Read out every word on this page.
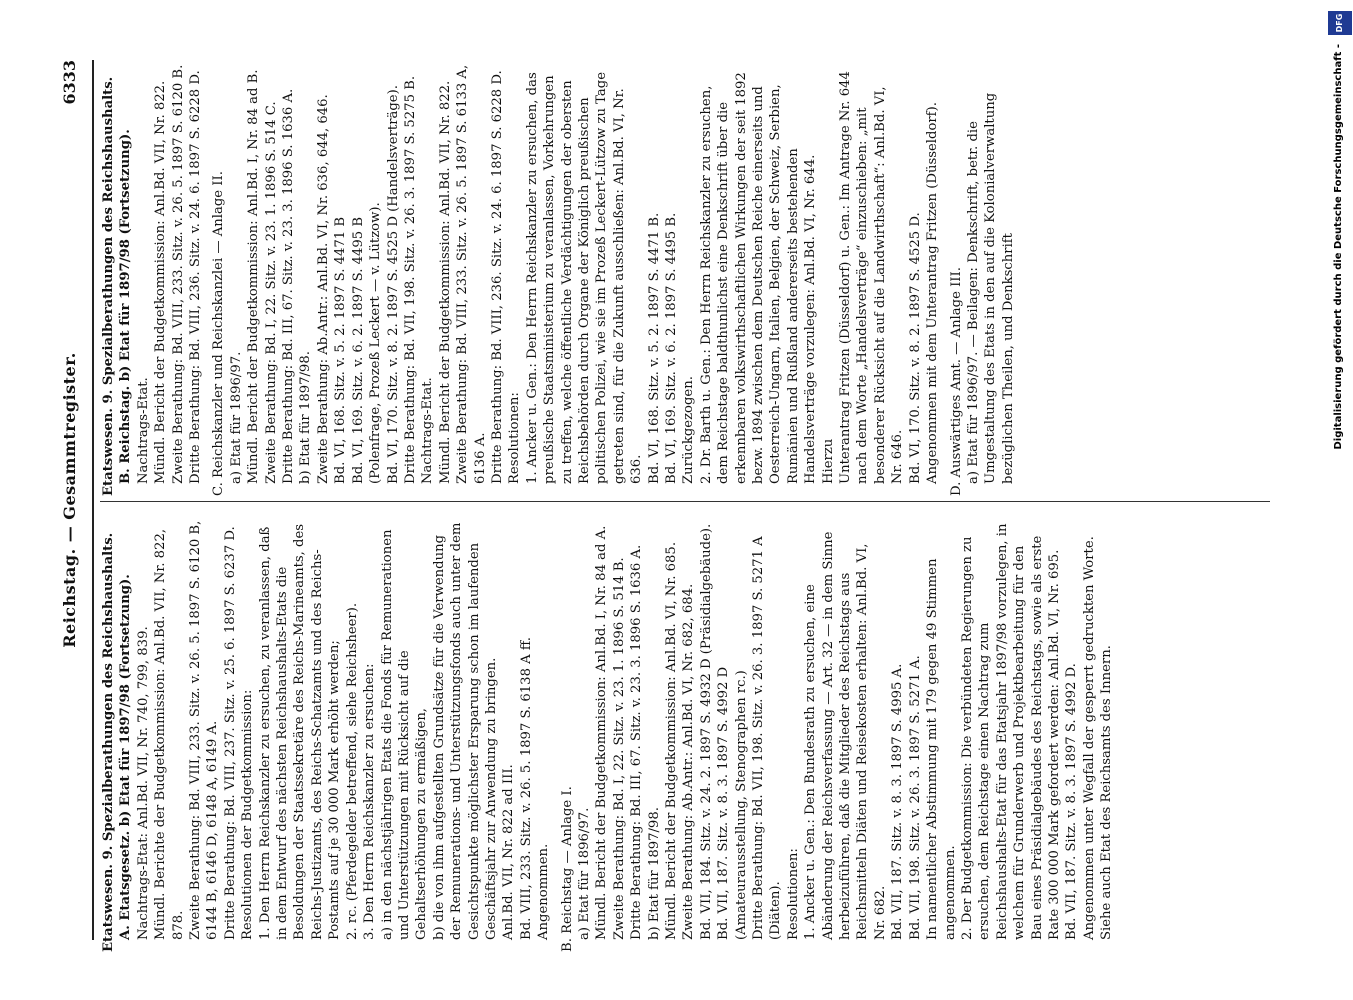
Reichstag. — Gesammtregister.
6333

Etatswesen. 9. Spezialberathungen des Reichshaushalts. A. Etatsgesetz. b) Etat für 1897/98 (Fortsetzung). Nachtrags-Etat: Anl.Bd. VII, Nr. 740, 799, 839. Mündl. Berichte der Budgetkommission: Anl.Bd. VII, Nr. 822, 878. Zweite Berathung: Bd. VIII, 233. Sitz. v. 26. 5. 1897 S. 6120 B, 6144 B, 6146 D, 6148 A, 6149 A. Dritte Berathung: Bd. VIII, 237. Sitz. v. 25. 6. 1897 S. 6237 D. Resolutionen der Budgetkommission: 1. Den Herrn Reichskanzler zu ersuchen, zu veranlassen, daß in dem Entwurf des nächsten Reichshaushalts-Etats die Besoldungen der Staatssekretäre des Reichs-Marineamts, des Reichs-Justizamts, des Reichs-Schatzamts und des Reichs-Postamts auf je 30 000 Mark erhöht werden; 2. rc. (Pferdegelder betreffend, siehe Reichsheer). 3. Den Herrn Reichskanzler zu ersuchen: a) in den nächstjährigen Etats die Fonds für Remunerationen und Unterstützungen mit Rücksicht auf die Gehaltserhöhungen zu ermäßigen, b) die von ihm aufgestellten Grundsätze für die Verwendung der Remunerations- und Unterstützungsfonds auch unter dem Gesichtspunkte möglichster Ersparung schon im laufenden Geschäftsjahr zur Anwendung zu bringen. Anl.Bd. VII, Nr. 822 ad III. Bd. VIII, 233. Sitz. v. 26. 5. 1897 S. 6138 A ff. Angenommen. B. Reichstag — Anlage I. a) Etat für 1896/97. Mündl. Bericht der Budgetkommission: Anl.Bd. I, Nr. 84 ad A. Zweite Berathung: Bd. I, 22. Sitz. v. 23. 1. 1896 S. 514 B. Dritte Berathung: Bd. III, 67. Sitz. v. 23. 3. 1896 S. 1636 A. b) Etat für 1897/98. Mündl. Bericht der Budgetkommission: Anl.Bd. VI, Nr. 685. Zweite Berathung: Ab.Antr.: Anl.Bd. VI, Nr. 682, 684. Bd. VII, 184. Sitz. v. 24. 2. 1897 S. 4932 D (Präsidialgebäude). Bd. VII, 187. Sitz. v. 8. 3. 1897 S. 4992 D (Amateurausstellung, Stenographen rc.) Dritte Berathung: Bd. VII, 198. Sitz. v. 26. 3. 1897 S. 5271 A (Diäten). Resolutionen: 1. Ancker u. Gen.: Den Bundesrath zu ersuchen, eine Abänderung der Reichsverfassung — Art. 32 — in dem Sinne herbeizuführen, daß die Mitglieder des Reichstags aus Reichsmitteln Diäten und Reisekosten erhalten: Anl.Bd. VI, Nr. 682. Bd. VII, 187. Sitz. v. 8. 3. 1897 S. 4995 A. Bd. VII, 198. Sitz. v. 26. 3. 1897 S. 5271 A. In namentlicher Abstimmung mit 179 gegen 49 Stimmen angenommen. 2. Der Budgetkommission: Die verbündeten Regierungen zu ersuchen, dem Reichstage einen Nachtrag zum Reichshaushalts-Etat für das Etatsjahr 1897/98 vorzulegen, in welchem für Grunderwerb und Projektbearbeitung für den Bau eines Präsidialgebäudes des Reichstags, sowie als erste Rate 300 000 Mark gefordert werden: Anl.Bd. VI, Nr. 695. Bd. VII, 187. Sitz. v. 8. 3. 1897 S. 4992 D. Angenommen unter Wegfall der gesperrt gedruckten Worte. Siehe auch Etat des Reichsamts des Innern.

Etatswesen. 9. Spezialberathungen des Reichshaushalts. B. Reichstag. b) Etat für 1897/98 (Fortsetzung). Nachtrags-Etat. Mündl. Bericht der Budgetkommission: Anl.Bd. VII, Nr. 822. Zweite Berathung: Bd. VIII, 233. Sitz. v. 26. 5. 1897 S. 6120 B. Dritte Berathung: Bd. VIII, 236. Sitz. v. 24. 6. 1897 S. 6228 D. C. Reichskanzler und Reichskanzlei — Anlage II. a) Etat für 1896/97. Mündl. Bericht der Budgetkommission: Anl.Bd. I, Nr. 84 ad B. Zweite Berathung: Bd. I, 22. Sitz. v. 23. 1. 1896 S. 514 C. Dritte Berathung: Bd. III, 67. Sitz. v. 23. 3. 1896 S. 1636 A. b) Etat für 1897/98. Zweite Berathung: Ab.Antr.: Anl.Bd. VI, Nr. 636, 644, 646. Bd. VI, 168. Sitz. v. 5. 2. 1897 S. 4471 B Bd. VI, 169. Sitz. v. 6. 2. 1897 S. 4495 B (Polenfrage, Prozeß Leckert — v. Lützow). Bd. VI, 170. Sitz. v. 8. 2. 1897 S. 4525 D (Handelsverträge). Dritte Berathung: Bd. VII, 198. Sitz. v. 26. 3. 1897 S. 5275 B. Nachtrags-Etat. Mündl. Bericht der Budgetkommission: Anl.Bd. VII, Nr. 822. Zweite Berathung: Bd. VIII, 233. Sitz. v. 26. 5. 1897 S. 6133 A, 6136 A. Dritte Berathung: Bd. VIII, 236. Sitz. v. 24. 6. 1897 S. 6228 D. Resolutionen: 1. Ancker u. Gen.: Den Herrn Reichskanzler zu ersuchen, das preußische Staatsministerium zu veranlassen, Vorkehrungen zu treffen, welche öffentliche Verdächtigungen der obersten Reichsbehörden durch Organe der Königlich preußischen politischen Polizei, wie sie im Prozeß Leckert-Lützow zu Tage getreten sind, für die Zukunft ausschließen: Anl.Bd. VI, Nr. 636. Bd. VI, 168. Sitz. v. 5. 2. 1897 S. 4471 B. Bd. VI, 169. Sitz. v. 6. 2. 1897 S. 4495 B. Zurückgezogen. 2. Dr. Barth u. Gen.: Den Herrn Reichskanzler zu ersuchen, dem Reichstage baldthunlichst eine Denkschrift über die erkennbaren volkswirthschaftlichen Wirkungen der seit 1892 bezw. 1894 zwischen dem Deutschen Reiche einerseits und Oesterreich-Ungarn, Italien, Belgien, der Schweiz, Serbien, Rumänien und Rußland andererseits bestehenden Handelsverträge vorzulegen: Anl.Bd. VI, Nr. 644. Hierzu Unterantrag Fritzen (Düsseldorf) u. Gen.: Im Antrage Nr. 644 nach dem Worte „Handelsverträge“ einzuschieben: „mit besonderer Rücksicht auf die Landwirthschaft“: Anl.Bd. VI, Nr. 646. Bd. VI, 170. Sitz. v. 8. 2. 1897 S. 4525 D. Angenommen mit dem Unterantrag Fritzen (Düsseldorf). D. Auswärtiges Amt. — Anlage III. a) Etat für 1896/97. — Beilagen: Denkschrift, betr. die Umgestaltung des Etats in den auf die Kolonialverwaltung bezüglichen Theilen, und Denkschrift	Digitalisierung gefördert durch die Deutsche Forschungsgemeinschaft -
DFG
